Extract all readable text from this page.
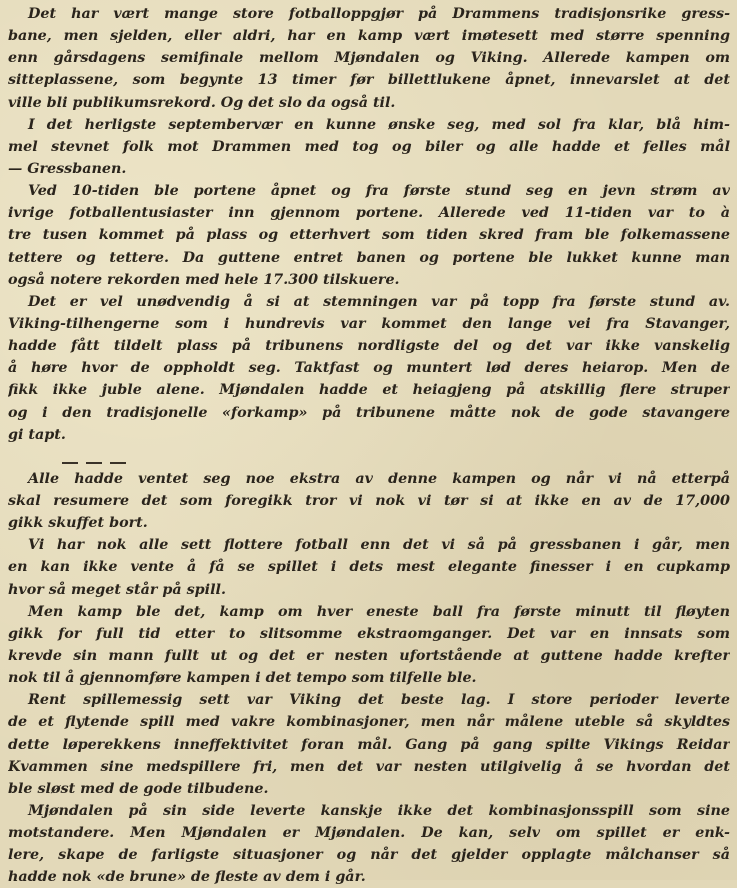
Det har vært mange store fotballoppgjør på Drammens tradisjonsrike gress-
bane, men sjelden, eller aldri, har en kamp vært imøtesett med større spenning
enn gårsdagens semifinale mellom Mjøndalen og Viking. Allerede kampen om
sitteplassene, som begynte 13 timer før billettlukene åpnet, innevarslet at det
ville bli publikumsrekord. Og det slo da også til.
I det herligste septembervær en kunne ønske seg, med sol fra klar, blå him-
mel stevnet folk mot Drammen med tog og biler og alle hadde et felles mål
— Gressbanen.
Ved 10-tiden ble portene åpnet og fra første stund seg en jevn strøm av
ivrige fotballentusiaster inn gjennom portene. Allerede ved 11-tiden var to à
tre tusen kommet på plass og etterhvert som tiden skred fram ble folkemassene
tettere og tettere. Da guttene entret banen og portene ble lukket kunne man
også notere rekorden med hele 17.300 tilskuere.
Det er vel unødvendig å si at stemningen var på topp fra første stund av.
Viking-tilhengerne som i hundrevis var kommet den lange vei fra Stavanger,
hadde fått tildelt plass på tribunens nordligste del og det var ikke vanskelig
å høre hvor de oppholdt seg. Taktfast og muntert lød deres heiarop. Men de
fikk ikke juble alene. Mjøndalen hadde et heiagjeng på atskillig flere struper
og i den tradisjonelle «forkamp» på tribunene måtte nok de gode stavangere
gi tapt.
Alle hadde ventet seg noe ekstra av denne kampen og når vi nå etterpå
skal resumere det som foregikk tror vi nok vi tør si at ikke en av de 17,000
gikk skuffet bort.
Vi har nok alle sett flottere fotball enn det vi så på gressbanen i går, men
en kan ikke vente å få se spillet i dets mest elegante finesser i en cupkamp
hvor så meget står på spill.
Men kamp ble det, kamp om hver eneste ball fra første minutt til fløyten
gikk for full tid etter to slitsomme ekstraomganger. Det var en innsats som
krevde sin mann fullt ut og det er nesten ufortstående at guttene hadde krefter
nok til å gjennomføre kampen i det tempo som tilfelle ble.
Rent spillemessig sett var Viking det beste lag. I store perioder leverte
de et flytende spill med vakre kombinasjoner, men når målene uteble så skyldtes
dette løperekkens inneffektivitet foran mål. Gang på gang spilte Vikings Reidar
Kvammen sine medspillere fri, men det var nesten utilgivelig å se hvordan det
ble sløst med de gode tilbudene.
Mjøndalen på sin side leverte kanskje ikke det kombinasjonsspill som sine
motstandere. Men Mjøndalen er Mjøndalen. De kan, selv om spillet er enk-
lere, skape de farligste situasjoner og når det gjelder opplagte målchanser så
hadde nok «de brune» de fleste av dem i går.
